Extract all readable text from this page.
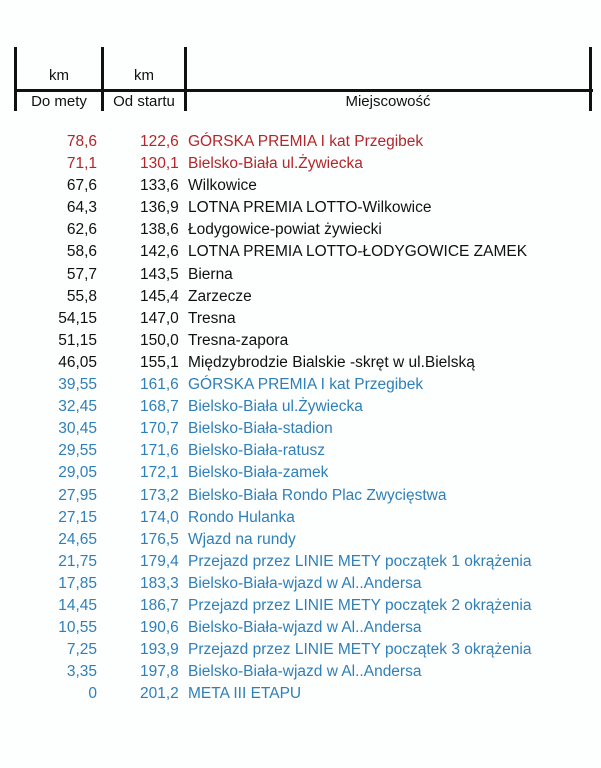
km	km
Do mety	Od startu	Miejscowość
78,6	122,6 GÓRSKA PREMIA I kat Przegibek
71,1	130,1 Bielsko-Biała ul.Żywiecka
67,6	133,6 Wilkowice
64,3	136,9 LOTNA PREMIA LOTTO-Wilkowice
62,6	138,6 Łodygowice-powiat żywiecki
58,6	142,6 LOTNA PREMIA LOTTO-ŁODYGOWICE ZAMEK
57,7	143,5 Bierna
55,8	145,4 Zarzecze
54,15	147,0 Tresna
51,15	150,0 Tresna-zapora
46,05	155,1 Międzybrodzie Bialskie -skręt w ul.Bielską
39,55	161,6 GÓRSKA PREMIA I kat Przegibek
32,45	168,7 Bielsko-Biała ul.Żywiecka
30,45	170,7 Bielsko-Biała-stadion
29,55	171,6 Bielsko-Biała-ratusz
29,05	172,1 Bielsko-Biała-zamek
27,95	173,2 Bielsko-Biała Rondo Plac Zwycięstwa
27,15	174,0 Rondo Hulanka
24,65	176,5 Wjazd na rundy
21,75	179,4 Przejazd przez LINIE METY początek 1 okrążenia
17,85	183,3 Bielsko-Biała-wjazd w Al..Andersa
14,45	186,7 Przejazd przez LINIE METY początek 2 okrążenia
10,55	190,6 Bielsko-Biała-wjazd w Al..Andersa
7,25	193,9 Przejazd przez LINIE METY początek 3 okrążenia
3,35	197,8 Bielsko-Biała-wjazd w Al..Andersa
0	201,2 META III ETAPU
